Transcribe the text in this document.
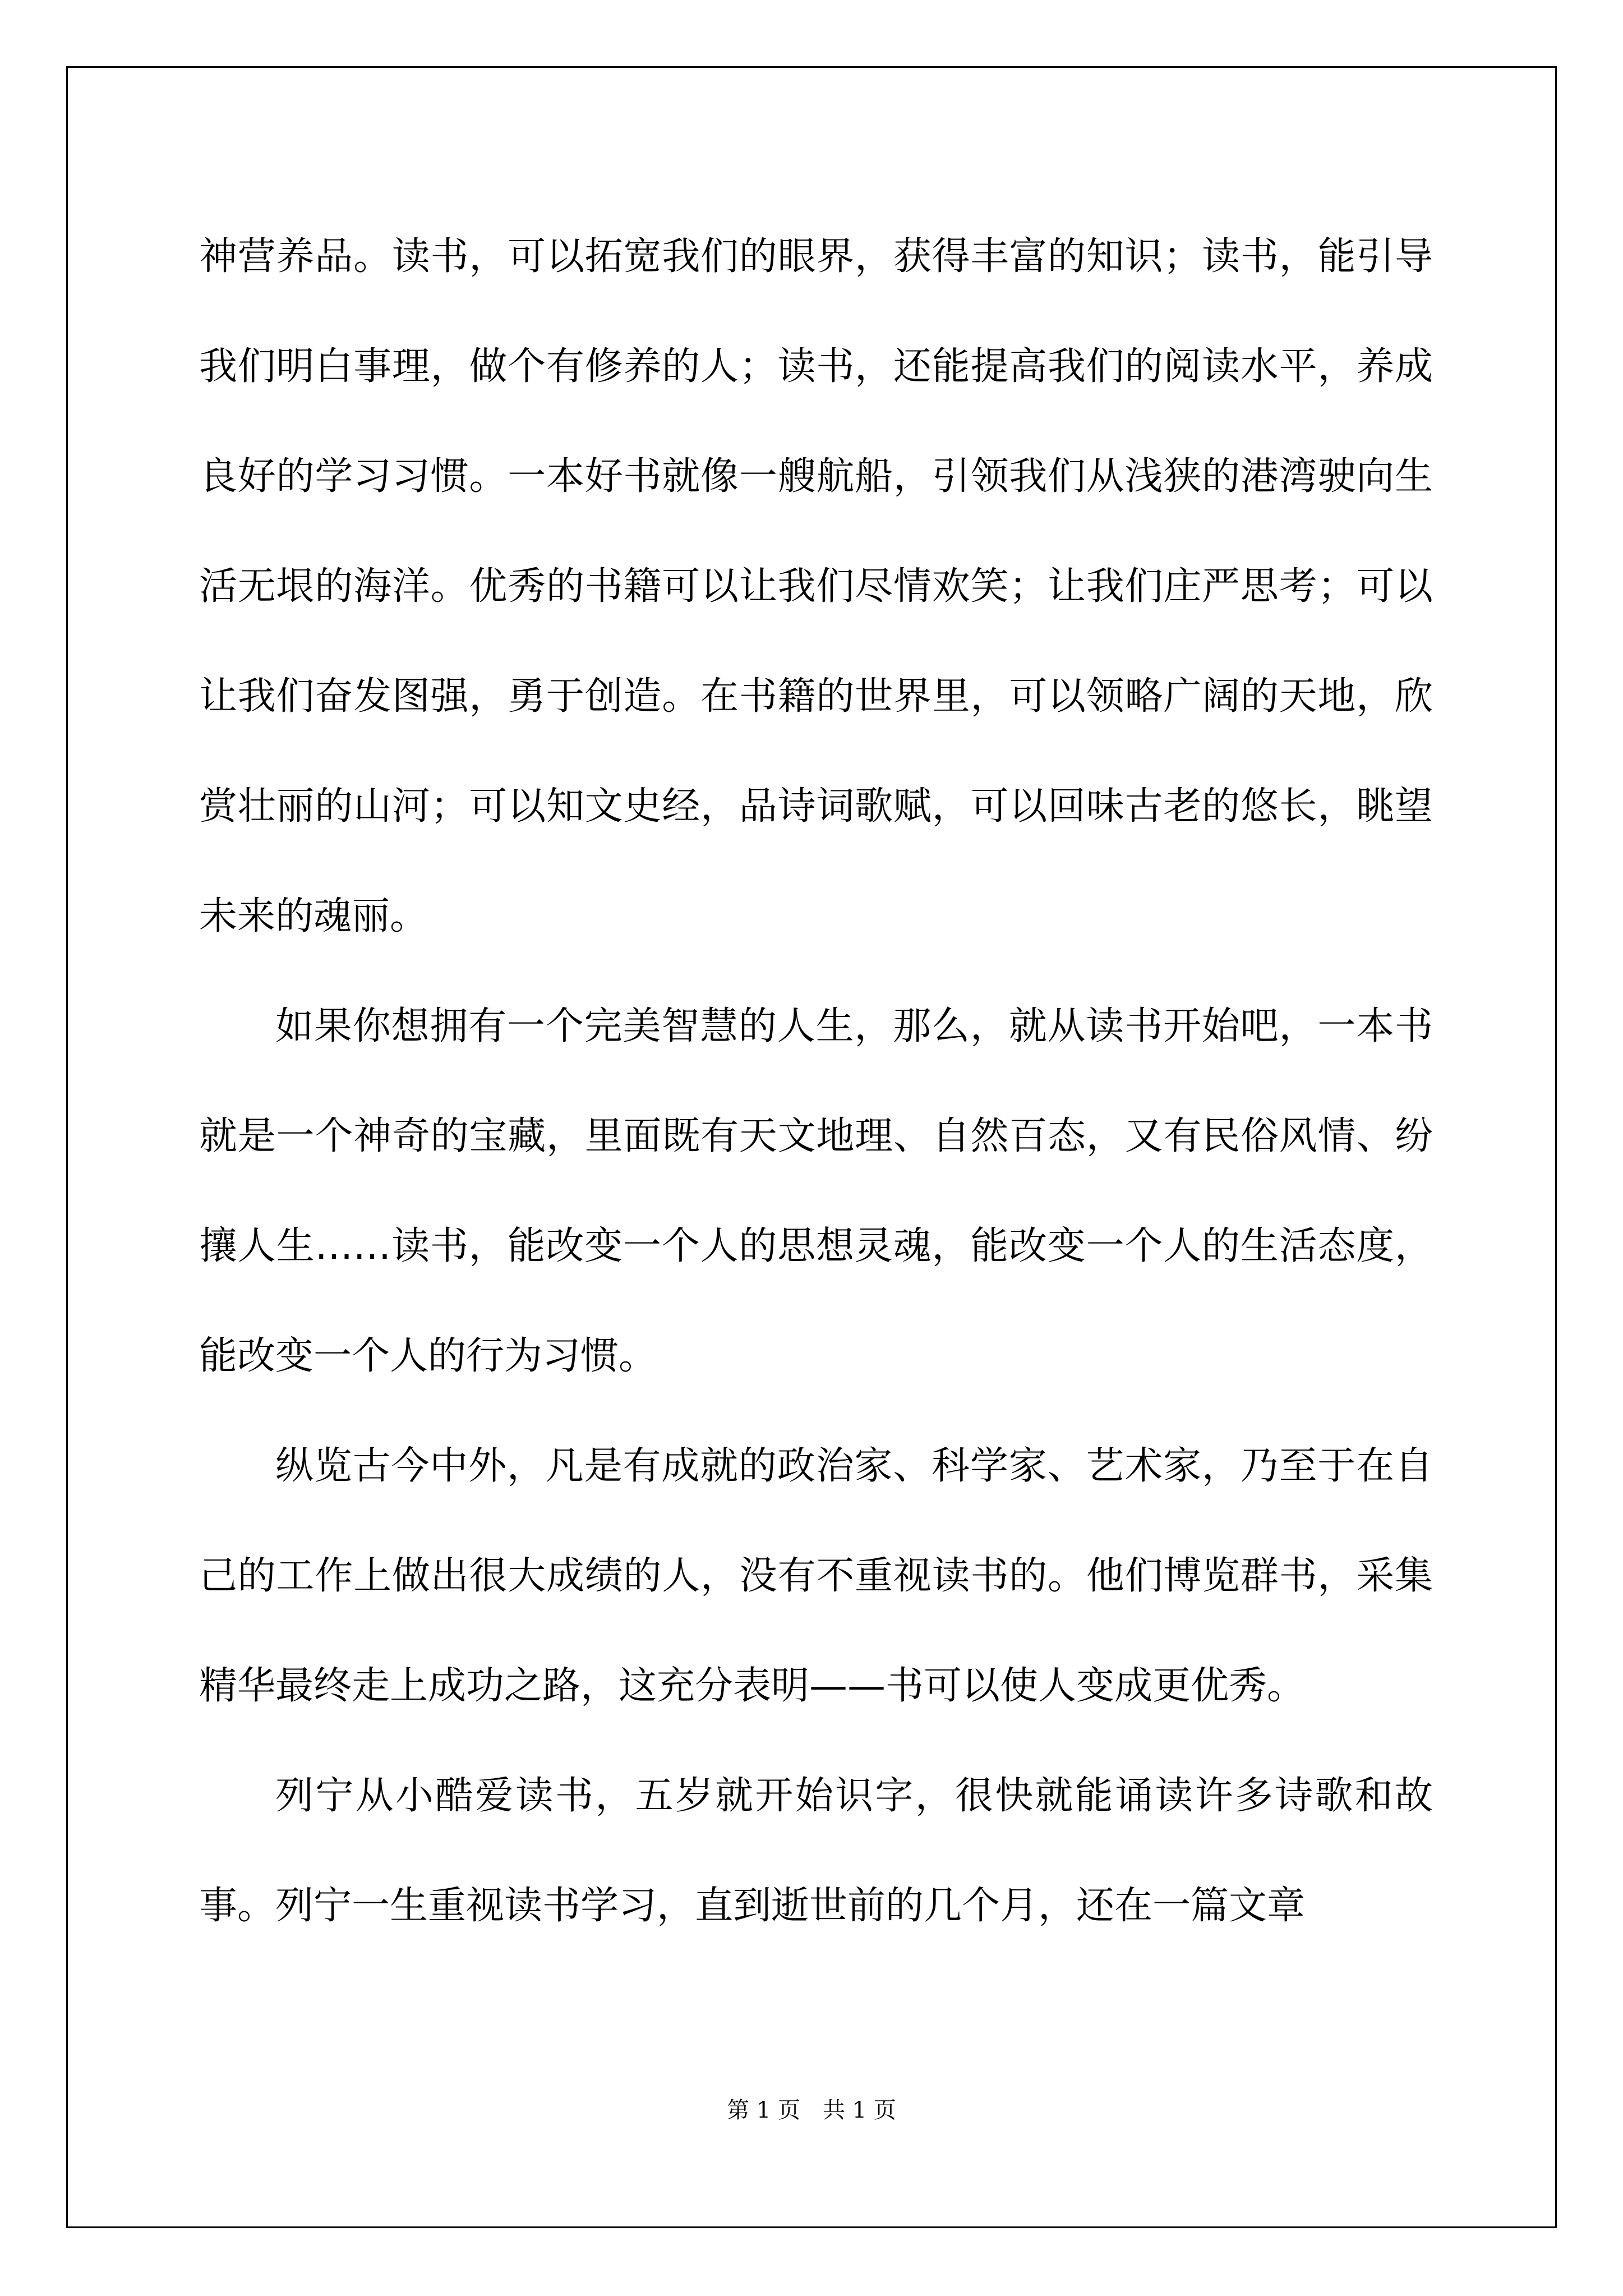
神营养品。读书，可以拓宽我们的眼界，获得丰富的知识；读书，能引导我们明白事理，做个有修养的人；读书，还能提高我们的阅读水平，养成良好的学习习惯。一本好书就像一艘航船，引领我们从浅狭的港湾驶向生活无垠的海洋。优秀的书籍可以让我们尽情欢笑；让我们庄严思考；可以让我们奋发图强，勇于创造。在书籍的世界里，可以领略广阔的天地，欣赏壮丽的山河；可以知文史经，品诗词歌赋，可以回味古老的悠长，眺望未来的魂丽。

如果你想拥有一个完美智慧的人生，那么，就从读书开始吧，一本书就是一个神奇的宝藏，里面既有天文地理、自然百态，又有民俗风情、纷攘人生……读书，能改变一个人的思想灵魂，能改变一个人的生活态度，能改变一个人的行为习惯。

纵览古今中外，凡是有成就的政治家、科学家、艺术家，乃至于在自己的工作上做出很大成绩的人，没有不重视读书的。他们博览群书，采集精华最终走上成功之路，这充分表明——书可以使人变成更优秀。

列宁从小酷爱读书，五岁就开始识字，很快就能诵读许多诗歌和故事。列宁一生重视读书学习，直到逝世前的几个月，还在一篇文章

第 1 页 共 1 页
